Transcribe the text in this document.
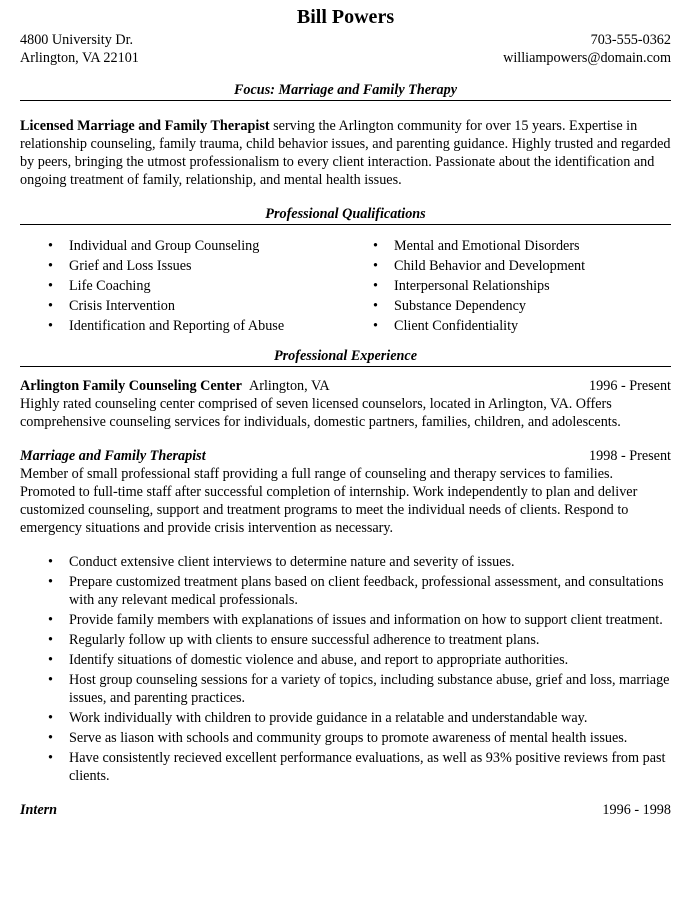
Bill Powers
4800 University Dr.
Arlington, VA 22101
703-555-0362
williampowers@domain.com
Focus: Marriage and Family Therapy
Licensed Marriage and Family Therapist serving the Arlington community for over 15 years. Expertise in relationship counseling, family trauma, child behavior issues, and parenting guidance. Highly trusted and regarded by peers, bringing the utmost professionalism to every client interaction. Passionate about the identification and ongoing treatment of family, relationship, and mental health issues.
Professional Qualifications
• Individual and Group Counseling
• Grief and Loss Issues
• Life Coaching
• Crisis Intervention
• Identification and Reporting of Abuse
• Mental and Emotional Disorders
• Child Behavior and Development
• Interpersonal Relationships
• Substance Dependency
• Client Confidentiality
Professional Experience
Arlington Family Counseling Center Arlington, VA	1996 - Present
Highly rated counseling center comprised of seven licensed counselors, located in Arlington, VA. Offers comprehensive counseling services for individuals, domestic partners, families, children, and adolescents.
Marriage and Family Therapist	1998 - Present
Member of small professional staff providing a full range of counseling and therapy services to families. Promoted to full-time staff after successful completion of internship. Work independently to plan and deliver customized counseling, support and treatment programs to meet the individual needs of clients. Respond to emergency situations and provide crisis intervention as necessary.
• Conduct extensive client interviews to determine nature and severity of issues.
• Prepare customized treatment plans based on client feedback, professional assessment, and consultations with any relevant medical professionals.
• Provide family members with explanations of issues and information on how to support client treatment.
• Regularly follow up with clients to ensure successful adherence to treatment plans.
• Identify situations of domestic violence and abuse, and report to appropriate authorities.
• Host group counseling sessions for a variety of topics, including substance abuse, grief and loss, marriage issues, and parenting practices.
• Work individually with children to provide guidance in a relatable and understandable way.
• Serve as liason with schools and community groups to promote awareness of mental health issues.
• Have consistently recieved excellent performance evaluations, as well as 93% positive reviews from past clients.
Intern	1996 - 1998
